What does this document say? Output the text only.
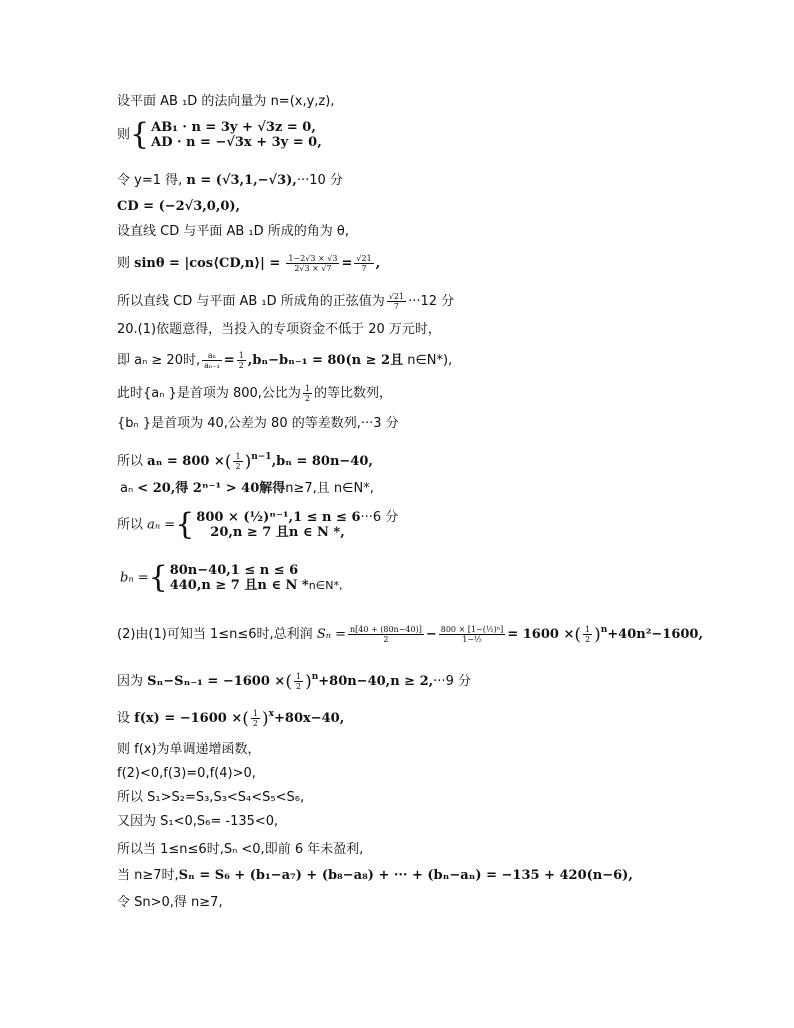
设平面 AB ₁D 的法向量为 n=(x,y,z),
则{ AB₁ · n = 3y + √3z = 0,
AD · n = −√3x + 3y = 0,
令 y=1 得, n = (√3,1,−√3),···10 分
CD = (−2√3,0,0),
设直线 CD 与平面 AB ₁D 所成的角为 θ,
则 sinθ = |cos⟨CD,n⟩| = $\frac{1-2√3 \times √3}{2√3 \times √7} = \frac{√21}{7}$ ,
所以直线 CD 与平面 AB ₁D 所成角的正弦值为 $\frac{√21}{7} \cdot\cdot\cdot 12$ 分
20.(1)依题意得，当投入的专项资金不低于 20 万元时，
即 aₙ ≥ 20时, $\frac{\text{aₙ}}{\text{aₙ₋₁}} = \frac{1}{2} ,b_n-b_{n-1} = 80(n \ge 2$且 n∈N*),
此时{aₙ }是首项为 800,公比为 $\frac{1}{2}$ 的等比数列，
{bₙ }是首项为 40,公差为 80 的等差数列,···3 分
所以 aₙ = 800 ×( $\frac{1}{2} )^{n-1},b_n = 80n-40$,
aₙ < 20,得 2ⁿ⁻¹ > 40解得n≥7,且 n∈N*,
所以 aₙ ={ 800 × (½)ⁿ⁻¹,1 ≤ n ≤ 6···6 分
20,n ≥ 7 且n ∈ N *,
bₙ ={ 80n−40,1 ≤ n ≤ 6
440,n ≥ 7 且n ∈ N *n∈N*,
(2)由(1)可知当 1≤n≤6时,总利润 $S_n = \frac{n[40 + (80n-40)]}{2} - \frac{\text{800 × [1−(½)ⁿ]}}{\text{1−½}} = 1600$ ×( $\frac{1}{2} )^n+40n^2-1600$,
因为 Sₙ−Sₙ₋₁ = −1600 ×( $\frac{1}{2} )^n+80n-40,n \ge 2,\cdot\cdot\cdot 9$ 分
设 f(x) = −1600 ×( $\frac{1}{2} )^x+80x-40$,
则 f(x)为单调递增函数，
f(2)<0,f(3)=0,f(4)>0,
所以 S₁>S₂=S₃,S₃<S₄<S₅<S₆,
又因为 S₁<0,S₆= -135<0,
所以当 1≤n≤6时,Sₙ <0,即前 6 年未盈利,
当 n≥7时,Sₙ = S₆ + (b₁−a₇) + (b₈−a₈) + ··· + (bₙ−aₙ) = −135 + 420(n−6),
令 Sn>0,得 n≥7,
